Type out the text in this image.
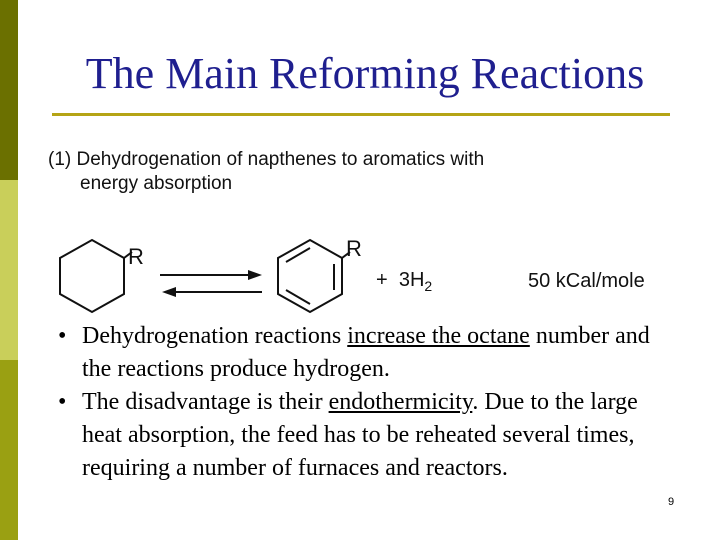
The Main Reforming Reactions
(1) Dehydrogenation of napthenes to aromatics with
energy absorption
R	R
+ $3H_2$	50 kCal/mole
• Dehydrogenation reactions increase the octane number and the reactions produce hydrogen.
• The disadvantage is their endothermicity. Due to the large heat absorption, the feed has to be reheated several times, requiring a number of furnaces and reactors.
9
